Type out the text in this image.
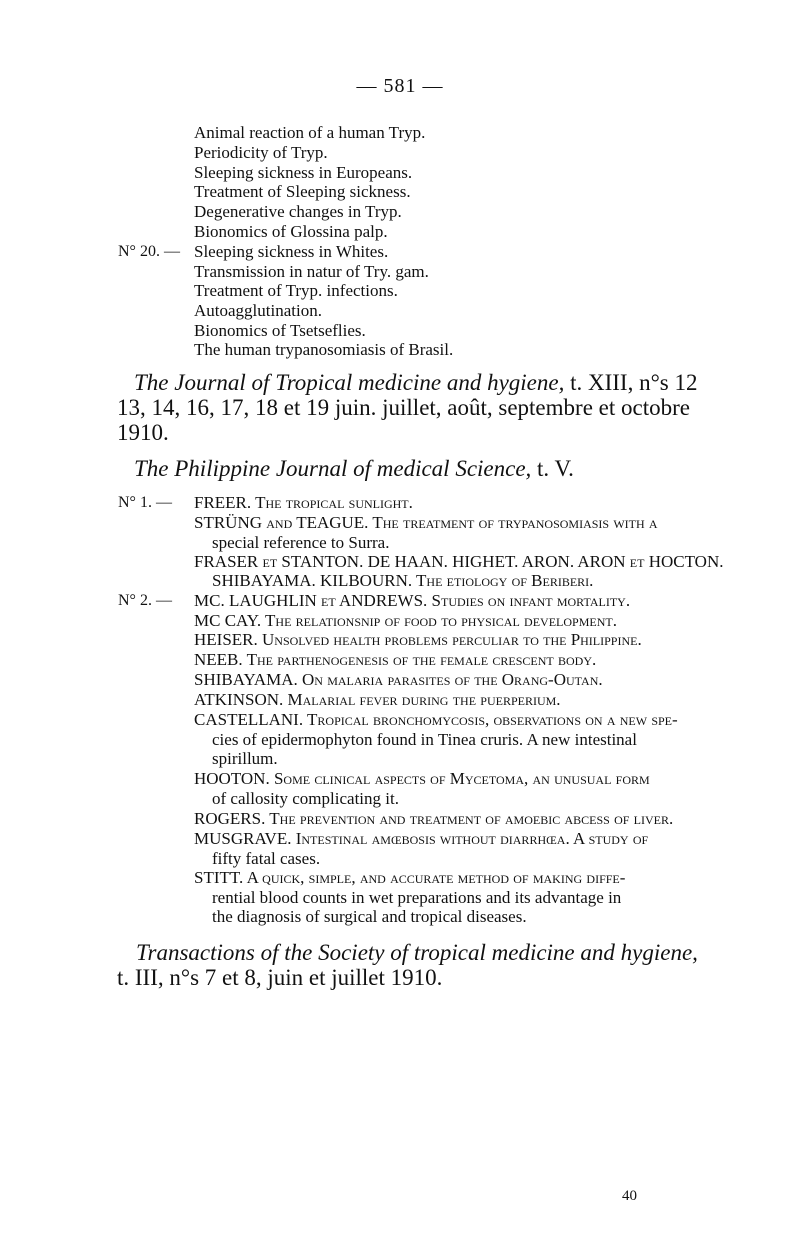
— 581 —
Animal reaction of a human Tryp.
Periodicity of Tryp.
Sleeping sickness in Europeans.
Treatment of Sleeping sickness.
Degenerative changes in Tryp.
Bionomics of Glossina palp.
N° 20. — Sleeping sickness in Whites.
Transmission in natur of Try. gam.
Treatment of Tryp. infections.
Autoagglutination.
Bionomics of Tsetseflies.
The human trypanosomiasis of Brasil.
The Journal of Tropical medicine and hygiene, t. XIII, n°s 12
13, 14, 16, 17, 18 et 19 juin. juillet, août, septembre et octobre
1910.
The Philippine Journal of medical Science, t. V.
N° 1. — FREER. The tropical sunlight.
STRÜNG and TEAGUE. The treatment of trypanosomiasis with a
special reference to Surra.
FRASER et STANTON. DE HAAN. HIGHET. ARON. ARON et HOCTON.
SHIBAYAMA. KILBOURN. The etiology of Beriberi.
N° 2. — MC. LAUGHLIN et ANDREWS. Studies on infant mortality.
MC CAY. The relationsnip of food to physical development.
HEISER. Unsolved health problems perculiar to the Philippine.
NEEB. The parthenogenesis of the female crescent body.
SHIBAYAMA. On malaria parasites of the Orang-Outan.
ATKINSON. Malarial fever during the puerperium.
CASTELLANI. Tropical bronchomycosis, observations on a new spe-
cies of epidermophyton found in Tinea cruris. A new intestinal
spirillum.
HOOTON. Some clinical aspects of Mycetoma, an unusual form
of callosity complicating it.
ROGERS. The prevention and treatment of amoebic abcess of liver.
MUSGRAVE. Intestinal amœbosis without diarrhœa. A study of
fifty fatal cases.
STITT. A quick, simple, and accurate method of making diffe-
rential blood counts in wet preparations and its advantage in
the diagnosis of surgical and tropical diseases.
Transactions of the Society of tropical medicine and hygiene,
t. III, n°s 7 et 8, juin et juillet 1910.
40
